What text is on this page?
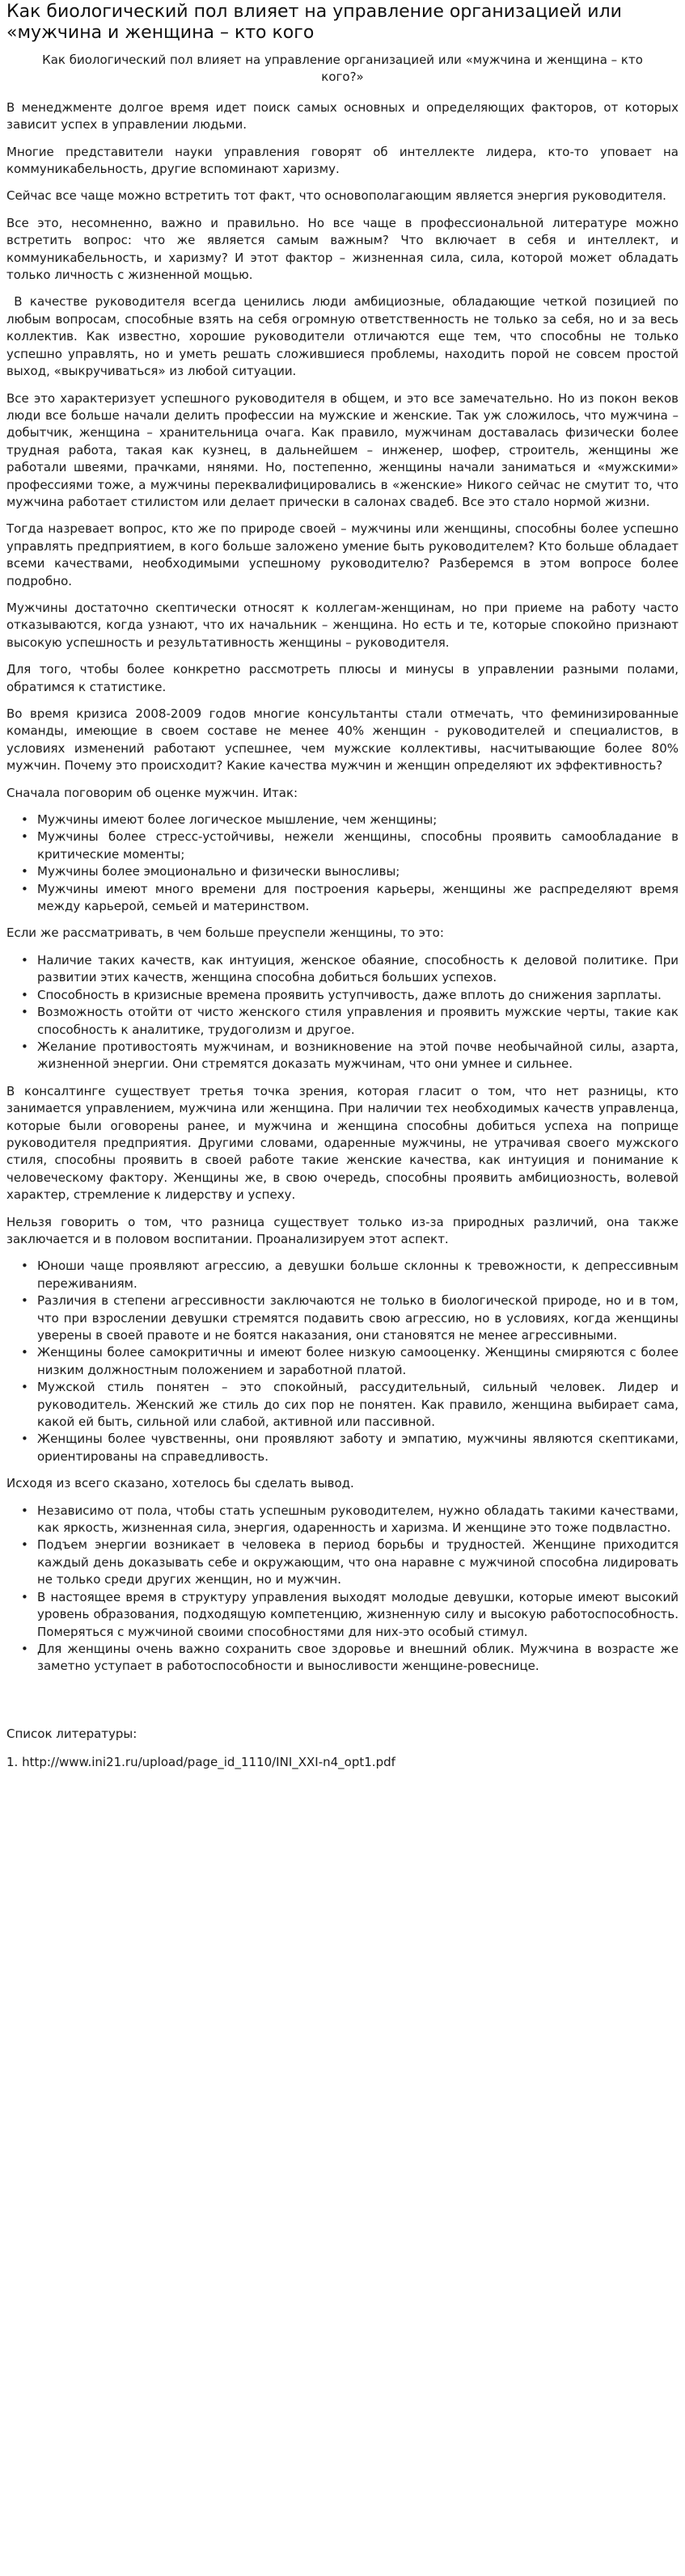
Как биологический пол влияет на управление организацией или «мужчина и женщина – кто кого
Как биологический пол влияет на управление организацией или «мужчина и женщина – кто кого?»

В менеджменте долгое время идет поиск самых основных и определяющих факторов, от которых зависит успех в управлении людьми.

Многие представители науки управления говорят об интеллекте лидера, кто-то уповает на коммуникабельность, другие вспоминают харизму.

Сейчас все чаще можно встретить тот факт, что основополагающим является энергия руководителя.

Все это, несомненно, важно и правильно. Но все чаще в профессиональной литературе можно встретить вопрос: что же является самым важным? Что включает в себя и интеллект, и коммуникабельность, и харизму? И этот фактор – жизненная сила, сила, которой может обладать только личность с жизненной мощью.

В качестве руководителя всегда ценились люди амбициозные, обладающие четкой позицией по любым вопросам, способные взять на себя огромную ответственность не только за себя, но и за весь коллектив. Как известно, хорошие руководители отличаются еще тем, что способны не только успешно управлять, но и уметь решать сложившиеся проблемы, находить порой не совсем простой выход, «выкручиваться» из любой ситуации.

Все это характеризует успешного руководителя в общем, и это все замечательно. Но из покон веков люди все больше начали делить профессии на мужские и женские. Так уж сложилось, что мужчина – добытчик, женщина – хранительница очага. Как правило, мужчинам доставалась физически более трудная работа, такая как кузнец, в дальнейшем – инженер, шофер, строитель, женщины же работали швеями, прачками, нянями. Но, постепенно, женщины начали заниматься и «мужскими» профессиями тоже, а мужчины переквалифицировались в «женские» Никого сейчас не смутит то, что мужчина работает стилистом или делает прически в салонах свадеб. Все это стало нормой жизни.

Тогда назревает вопрос, кто же по природе своей – мужчины или женщины, способны более успешно управлять предприятием, в кого больше заложено умение быть руководителем? Кто больше обладает всеми качествами, необходимыми успешному руководителю? Разберемся в этом вопросе более подробно.

Мужчины достаточно скептически относят к коллегам-женщинам, но при приеме на работу часто отказываются, когда узнают, что их начальник – женщина. Но есть и те, которые спокойно признают высокую успешность и результативность женщины – руководителя.

Для того, чтобы более конкретно рассмотреть плюсы и минусы в управлении разными полами, обратимся к статистике.

Во время кризиса 2008-2009 годов многие консультанты стали отмечать, что феминизированные команды, имеющие в своем составе не менее 40% женщин - руководителей и специалистов, в условиях изменений работают успешнее, чем мужские коллективы, насчитывающие более 80% мужчин. Почему это происходит? Какие качества мужчин и женщин определяют их эффективность?

Сначала поговорим об оценке мужчин. Итак:

• Мужчины имеют более логическое мышление, чем женщины;
• Мужчины более стресс-устойчивы, нежели женщины, способны проявить самообладание в критические моменты;
• Мужчины более эмоционально и физически выносливы;
• Мужчины имеют много времени для построения карьеры, женщины же распределяют время между карьерой, семьей и материнством.

Если же рассматривать, в чем больше преуспели женщины, то это:

• Наличие таких качеств, как интуиция, женское обаяние, способность к деловой политике. При развитии этих качеств, женщина способна добиться больших успехов.
• Способность в кризисные времена проявить уступчивость, даже вплоть до снижения зарплаты.
• Возможность отойти от чисто женского стиля управления и проявить мужские черты, такие как способность к аналитике, трудоголизм и другое.
• Желание противостоять мужчинам, и возникновение на этой почве необычайной силы, азарта, жизненной энергии. Они стремятся доказать мужчинам, что они умнее и сильнее.

В консалтинге существует третья точка зрения, которая гласит о том, что нет разницы, кто занимается управлением, мужчина или женщина. При наличии тех необходимых качеств управленца, которые были оговорены ранее, и мужчина и женщина способны добиться успеха на поприще руководителя предприятия. Другими словами, одаренные мужчины, не утрачивая своего мужского стиля, способны проявить в своей работе такие женские качества, как интуиция и понимание к человеческому фактору. Женщины же, в свою очередь, способны проявить амбициозность, волевой характер, стремление к лидерству и успеху.

Нельзя говорить о том, что разница существует только из-за природных различий, она также заключается и в половом воспитании. Проанализируем этот аспект.

• Юноши чаще проявляют агрессию, а девушки больше склонны к тревожности, к депрессивным переживаниям.
• Различия в степени агрессивности заключаются не только в биологической природе, но и в том, что при взрослении девушки стремятся подавить свою агрессию, но в условиях, когда женщины уверены в своей правоте и не боятся наказания, они становятся не менее агрессивными.
• Женщины более самокритичны и имеют более низкую самооценку. Женщины смиряются с более низким должностным положением и заработной платой.
• Мужской стиль понятен – это спокойный, рассудительный, сильный человек. Лидер и руководитель. Женский же стиль до сих пор не понятен. Как правило, женщина выбирает сама, какой ей быть, сильной или слабой, активной или пассивной.
• Женщины более чувственны, они проявляют заботу и эмпатию, мужчины являются скептиками, ориентированы на справедливость.

Исходя из всего сказано, хотелось бы сделать вывод.

• Независимо от пола, чтобы стать успешным руководителем, нужно обладать такими качествами, как яркость, жизненная сила, энергия, одаренность и харизма. И женщине это тоже подвластно.
• Подъем энергии возникает в человека в период борьбы и трудностей. Женщине приходится каждый день доказывать себе и окружающим, что она наравне с мужчиной способна лидировать не только среди других женщин, но и мужчин.
• В настоящее время в структуру управления выходят молодые девушки, которые имеют высокий уровень образования, подходящую компетенцию, жизненную силу и высокую работоспособность. Померяться с мужчиной своими способностями для них-это особый стимул.
• Для женщины очень важно сохранить свое здоровье и внешний облик. Мужчина в возрасте же заметно уступает в работоспособности и выносливости женщине-ровеснице.
Список литературы:
1. http://www.ini21.ru/upload/page_id_1110/INI_XXI-n4_opt1.pdf
